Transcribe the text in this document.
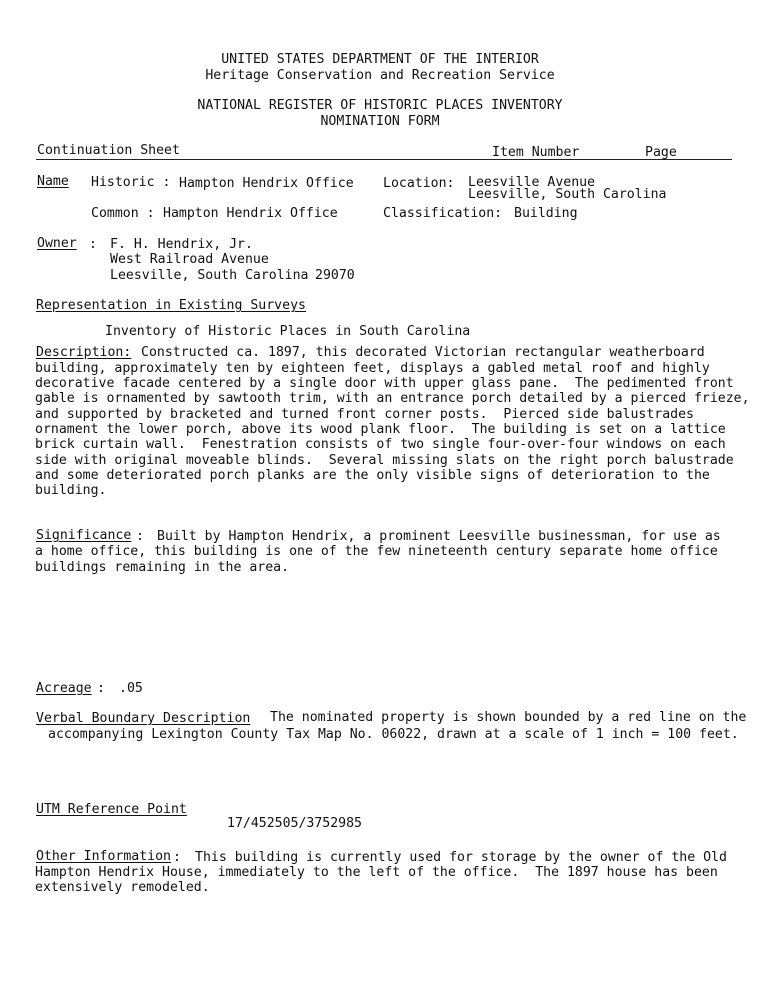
UNITED STATES DEPARTMENT OF THE INTERIOR
Heritage Conservation and Recreation Service
NATIONAL REGISTER OF HISTORIC PLACES INVENTORY
NOMINATION FORM
Continuation Sheet	Item Number	Page
Name Historic : Hampton Hendrix Office Location: Leesville Avenue
Leesville, South Carolina
Common : Hampton Hendrix Office	Classification: Building
Owner : F. H. Hendrix, Jr.
West Railroad Avenue
Leesville, South Carolina 29070
Representation in Existing Surveys
Inventory of Historic Places in South Carolina
Description: Constructed ca. 1897, this decorated Victorian rectangular weatherboard
building, approximately ten by eighteen feet, displays a gabled metal roof and highly
decorative facade centered by a single door with upper glass pane.  The pedimented front
gable is ornamented by sawtooth trim, with an entrance porch detailed by a pierced frieze,
and supported by bracketed and turned front corner posts.  Pierced side balustrades
ornament the lower porch, above its wood plank floor.  The building is set on a lattice
brick curtain wall.  Fenestration consists of two single four-over-four windows on each
side with original moveable blinds.  Several missing slats on the right porch balustrade
and some deteriorated porch planks are the only visible signs of deterioration to the
building.
Significance : Built by Hampton Hendrix, a prominent Leesville businessman, for use as
a home office, this building is one of the few nineteenth century separate home office
buildings remaining in the area.
Acreage : .05
Verbal Boundary Description The nominated property is shown bounded by a red line on the
accompanying Lexington County Tax Map No. 06022, drawn at a scale of 1 inch = 100 feet.
UTM Reference Point
17/452505/3752985
Other Information : This building is currently used for storage by the owner of the Old
Hampton Hendrix House, immediately to the left of the office.  The 1897 house has been
extensively remodeled.
